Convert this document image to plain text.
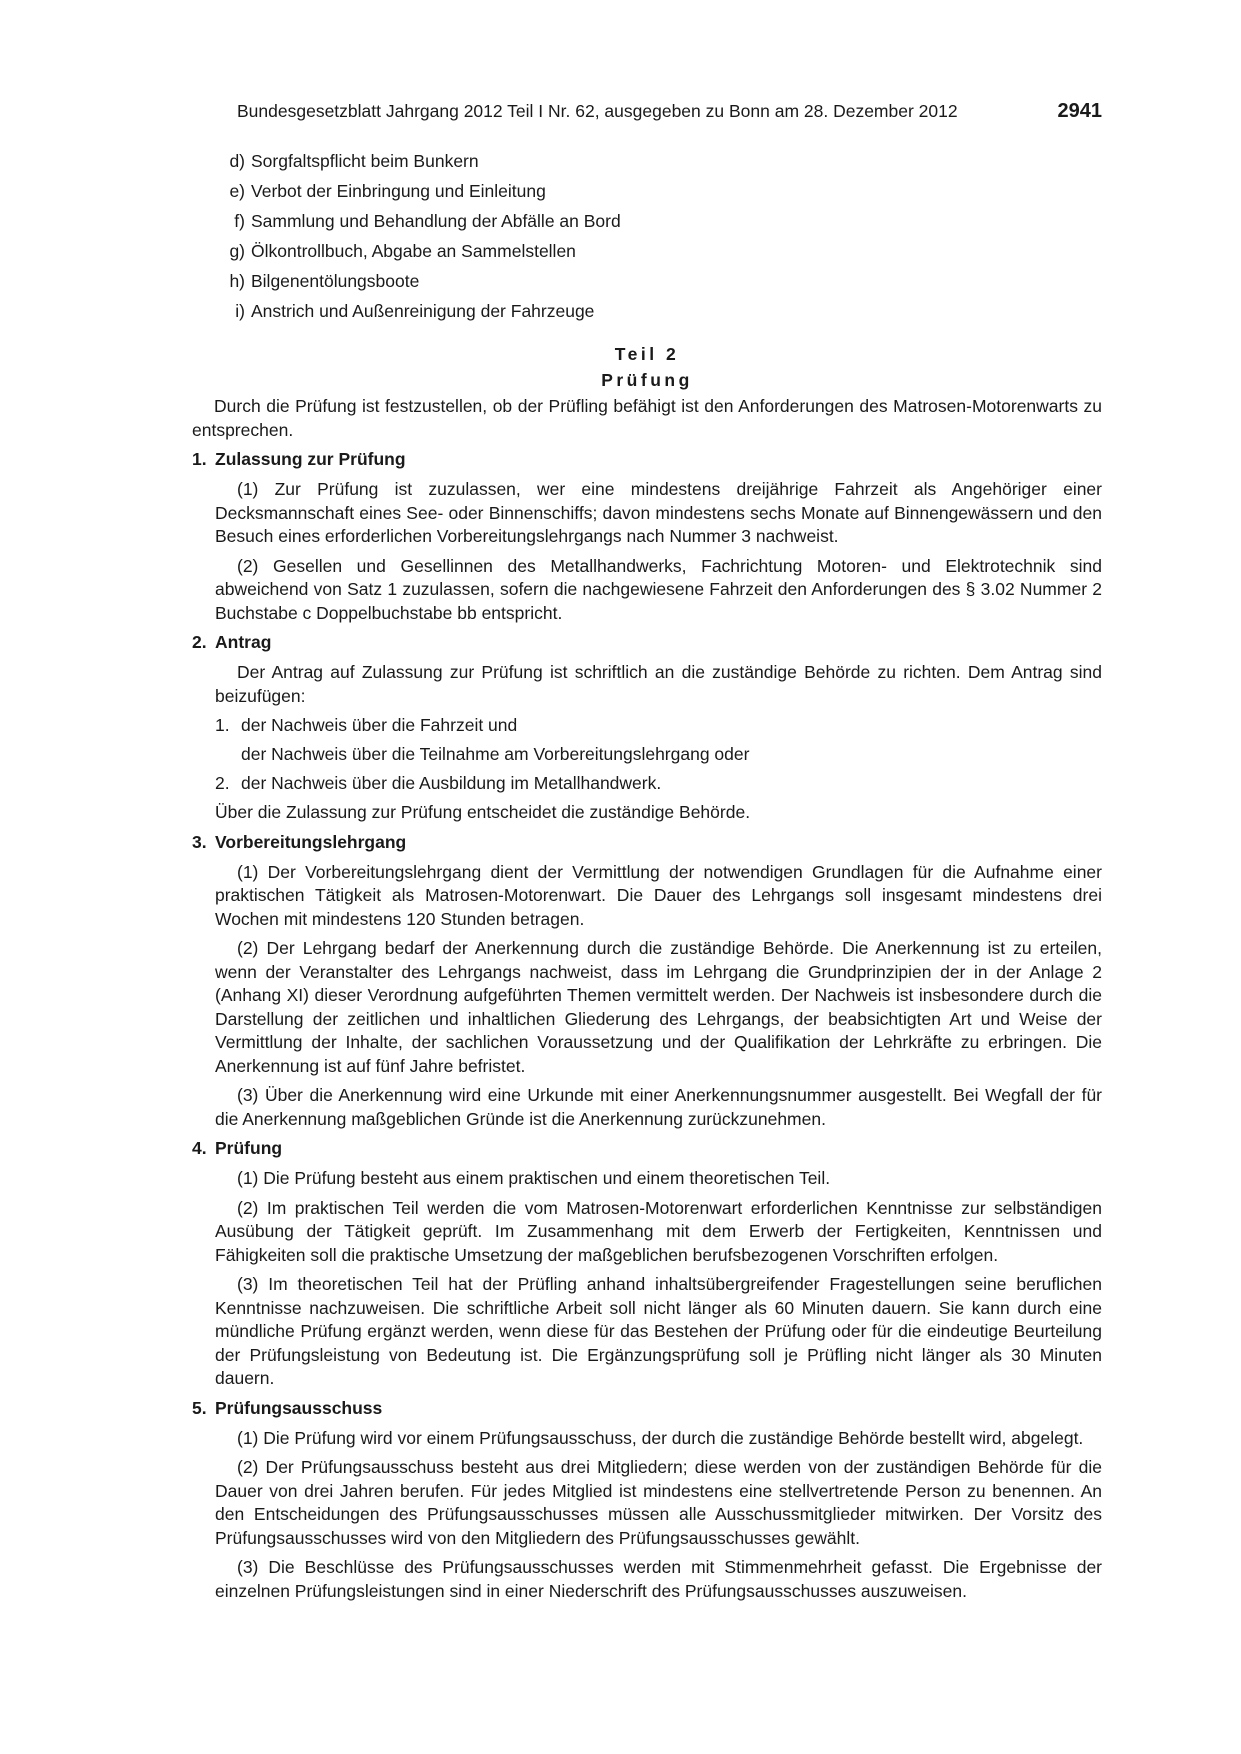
Bundesgesetzblatt Jahrgang 2012 Teil I Nr. 62, ausgegeben zu Bonn am 28. Dezember 2012	2941
d) Sorgfaltspflicht beim Bunkern
e) Verbot der Einbringung und Einleitung
f) Sammlung und Behandlung der Abfälle an Bord
g) Ölkontrollbuch, Abgabe an Sammelstellen
h) Bilgenentölungsboote
i) Anstrich und Außenreinigung der Fahrzeuge
Teil 2
Prüfung
Durch die Prüfung ist festzustellen, ob der Prüfling befähigt ist den Anforderungen des Matrosen-Motorenwarts zu entsprechen.
1. Zulassung zur Prüfung
(1) Zur Prüfung ist zuzulassen, wer eine mindestens dreijährige Fahrzeit als Angehöriger einer Decksmannschaft eines See- oder Binnenschiffs; davon mindestens sechs Monate auf Binnengewässern und den Besuch eines erforderlichen Vorbereitungslehrgangs nach Nummer 3 nachweist.
(2) Gesellen und Gesellinnen des Metallhandwerks, Fachrichtung Motoren- und Elektrotechnik sind abweichend von Satz 1 zuzulassen, sofern die nachgewiesene Fahrzeit den Anforderungen des § 3.02 Nummer 2 Buchstabe c Doppelbuchstabe bb entspricht.
2. Antrag
Der Antrag auf Zulassung zur Prüfung ist schriftlich an die zuständige Behörde zu richten. Dem Antrag sind beizufügen:
1. der Nachweis über die Fahrzeit und
der Nachweis über die Teilnahme am Vorbereitungslehrgang oder
2. der Nachweis über die Ausbildung im Metallhandwerk.
Über die Zulassung zur Prüfung entscheidet die zuständige Behörde.
3. Vorbereitungslehrgang
(1) Der Vorbereitungslehrgang dient der Vermittlung der notwendigen Grundlagen für die Aufnahme einer praktischen Tätigkeit als Matrosen-Motorenwart. Die Dauer des Lehrgangs soll insgesamt mindestens drei Wochen mit mindestens 120 Stunden betragen.
(2) Der Lehrgang bedarf der Anerkennung durch die zuständige Behörde. Die Anerkennung ist zu erteilen, wenn der Veranstalter des Lehrgangs nachweist, dass im Lehrgang die Grundprinzipien der in der Anlage 2 (Anhang XI) dieser Verordnung aufgeführten Themen vermittelt werden. Der Nachweis ist insbesondere durch die Darstellung der zeitlichen und inhaltlichen Gliederung des Lehrgangs, der beabsichtigten Art und Weise der Vermittlung der Inhalte, der sachlichen Voraussetzung und der Qualifikation der Lehrkräfte zu erbringen. Die Anerkennung ist auf fünf Jahre befristet.
(3) Über die Anerkennung wird eine Urkunde mit einer Anerkennungsnummer ausgestellt. Bei Wegfall der für die Anerkennung maßgeblichen Gründe ist die Anerkennung zurückzunehmen.
4. Prüfung
(1) Die Prüfung besteht aus einem praktischen und einem theoretischen Teil.
(2) Im praktischen Teil werden die vom Matrosen-Motorenwart erforderlichen Kenntnisse zur selbständigen Ausübung der Tätigkeit geprüft. Im Zusammenhang mit dem Erwerb der Fertigkeiten, Kenntnissen und Fähigkeiten soll die praktische Umsetzung der maßgeblichen berufsbezogenen Vorschriften erfolgen.
(3) Im theoretischen Teil hat der Prüfling anhand inhaltsübergreifender Fragestellungen seine beruflichen Kenntnisse nachzuweisen. Die schriftliche Arbeit soll nicht länger als 60 Minuten dauern. Sie kann durch eine mündliche Prüfung ergänzt werden, wenn diese für das Bestehen der Prüfung oder für die eindeutige Beurteilung der Prüfungsleistung von Bedeutung ist. Die Ergänzungsprüfung soll je Prüfling nicht länger als 30 Minuten dauern.
5. Prüfungsausschuss
(1) Die Prüfung wird vor einem Prüfungsausschuss, der durch die zuständige Behörde bestellt wird, abgelegt.
(2) Der Prüfungsausschuss besteht aus drei Mitgliedern; diese werden von der zuständigen Behörde für die Dauer von drei Jahren berufen. Für jedes Mitglied ist mindestens eine stellvertretende Person zu benennen. An den Entscheidungen des Prüfungsausschusses müssen alle Ausschussmitglieder mitwirken. Der Vorsitz des Prüfungsausschusses wird von den Mitgliedern des Prüfungsausschusses gewählt.
(3) Die Beschlüsse des Prüfungsausschusses werden mit Stimmenmehrheit gefasst. Die Ergebnisse der einzelnen Prüfungsleistungen sind in einer Niederschrift des Prüfungsausschusses auszuweisen.
